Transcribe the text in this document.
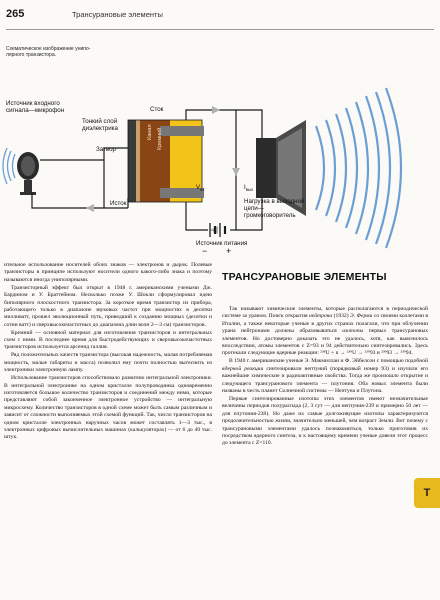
265	Трансурановые элементы
Схематическое изображение униполярного транзистора.
Источник входного сигнала—микрофон	Сток
Тонкий слой диэлектрика
Затвор
Исток
$V_{вх}$	$I_{вых}$
Нагрузка в выходной цепи—громкоговоритель
Источник питания
− +
Канал Кремний

ительное использование носителей обоих знаков — электронов и дырок. Полевые транзисторы в принципе используют носители одного какого-либо знака и поэтому называются иногда униполярными.

Транзисторный эффект был открыт в 1948 г. американскими учеными Дж. Бардином и У. Браттейном. Несколько позже У. Шокли сформулировал идею биполярного плоскостного транзистора. За короткое время транзистор из прибора, работающего только в диапазоне звуковых частот при мощностях в десятки милливатт, прошел эволюционный путь, приведший к созданию мощных (десятки и сотни ватт) и сверхвысокочастотных до диапазона длин волн 2—3 см) транзисторов.

Кремний — основной материал для изготовления транзисторов и интегральных схем с ними. В последнее время для быстродействующих и сверхвысокочастотных транзисторов используется арсенид галлия.

Ряд положительных качеств транзистора (высокая надежность, малая потребляемая мощность, малые габариты и масса) позволил ему почти полностью вытеснить из электроники электронную лампу.

Использование транзисторов способствовало развитию интегральной электроники. В интегральной электронике на одном кристалле полупроводника одновременно изготовляется большое количество транзисторов и соединений между ними, которые представляют собой законченное электронное устройство — интегральную микросхему. Количество транзисторов в одной схеме может быть самым различным и зависит от сложности выполняемых этой схемой функций. Так, число транзисторов на одном кристалле электронных наручных часов может составлять 1—3 тыс., в электронных цифровых вычислительных машинах (калькуляторах) — от 6 до 40 тыс. штук.

ТРАНСУРАНОВЫЕ ЭЛЕМЕНТЫ

Так называют химические элементы, которые располагаются в периодической системе за ураном. Поиск открытия нейтрона (1932) Э. Ферми со своими коллегами в Италии, а также некоторые ученые в других странах полагали, что при облучении урана нейтронами должны образовываться изотопы первых трансурановых элементов. Но достоверно доказать это не удалось, хотя, как выяснилось впоследствии, атомы элементов с Z=93 и 94 действительно синтезировались. Здесь протекали следующие ядерные реакции: ²³⁸U + n → ²³⁹U → ²³⁹93 и ²³⁹93 → ²³⁹94.

В 1940 г. американские ученые Э. Макмиллан и Ф. Эйбелсон с помощью подобной ядерной реакции синтезировали нептуний (порядковый номер 93) и изучили его важнейшие химические и радиоактивные свойства. Тогда же произошло открытие и следующего трансуранового элемента — плутония. Оба новых элемента были названы в честь планет Солнечной системы — Нептуна и Плутона.

Первые синтезированные изотопы этих элементов имеют незначительные величины периодов полураспада (2, 3 сут — для нептуния-239 и примерно 50 лет — для плутония-238). Но даже их самые долгоживущие изотопы характеризуются продолжительностью жизни, значительно меньшей, чем возраст Земли. Вот почему с трансурановыми элементами удалось познакомиться, только приготовив их посредством ядерного синтеза, и к настоящему времени ученые довели этот процесс до элемента с Z=110.

Т
